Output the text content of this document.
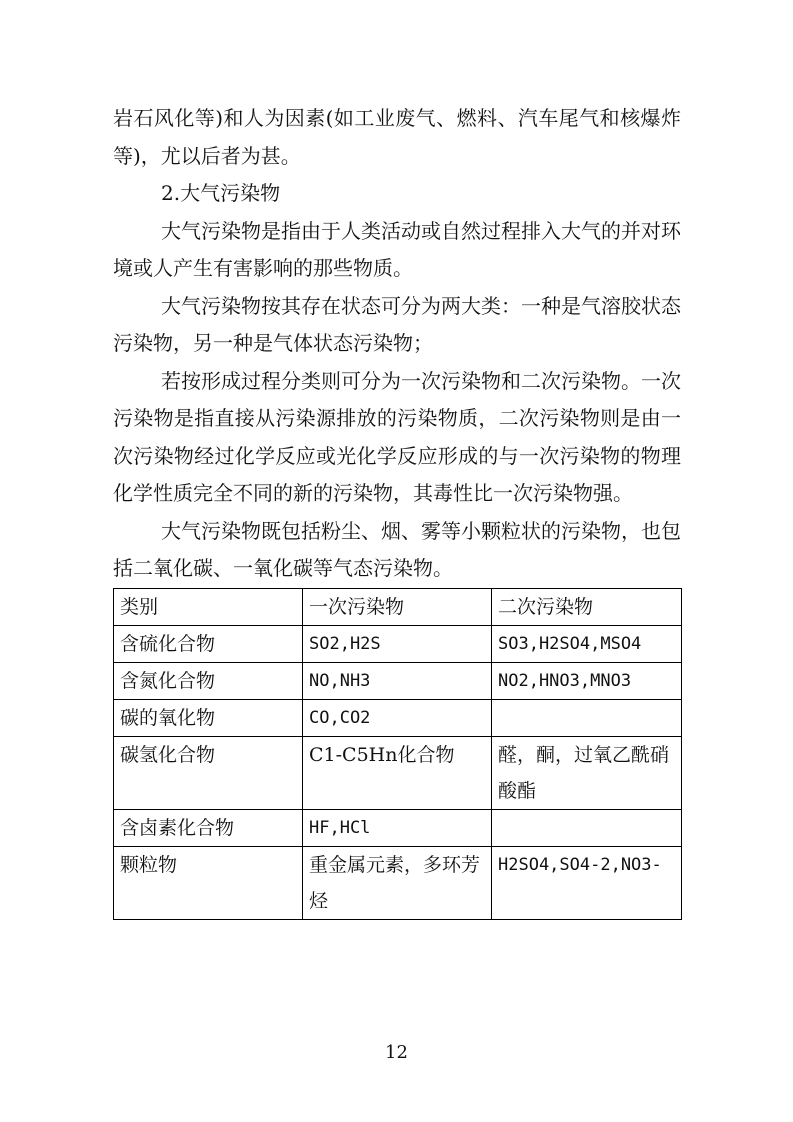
岩石风化等)和人为因素(如工业废气、燃料、汽车尾气和核爆炸等)，尤以后者为甚。

2.大气污染物

大气污染物是指由于人类活动或自然过程排入大气的并对环境或人产生有害影响的那些物质。

大气污染物按其存在状态可分为两大类：一种是气溶胶状态污染物，另一种是气体状态污染物；

若按形成过程分类则可分为一次污染物和二次污染物。一次污染物是指直接从污染源排放的污染物质，二次污染物则是由一次污染物经过化学反应或光化学反应形成的与一次污染物的物理化学性质完全不同的新的污染物，其毒性比一次污染物强。

大气污染物既包括粉尘、烟、雾等小颗粒状的污染物，也包括二氧化碳、一氧化碳等气态污染物。

类别	一次污染物	二次污染物
含硫化合物	SO2,H2S	SO3,H2SO4,MSO4
含氮化合物	NO,NH3	NO2,HNO3,MNO3
碳的氧化物	CO,CO2	
碳氢化合物	C1-C5Hn化合物	醛，酮，过氧乙酰硝酸酯
含卤素化合物	HF,HCl	
颗粒物	重金属元素，多环芳烃	H2SO4,SO4-2,NO3-
12
